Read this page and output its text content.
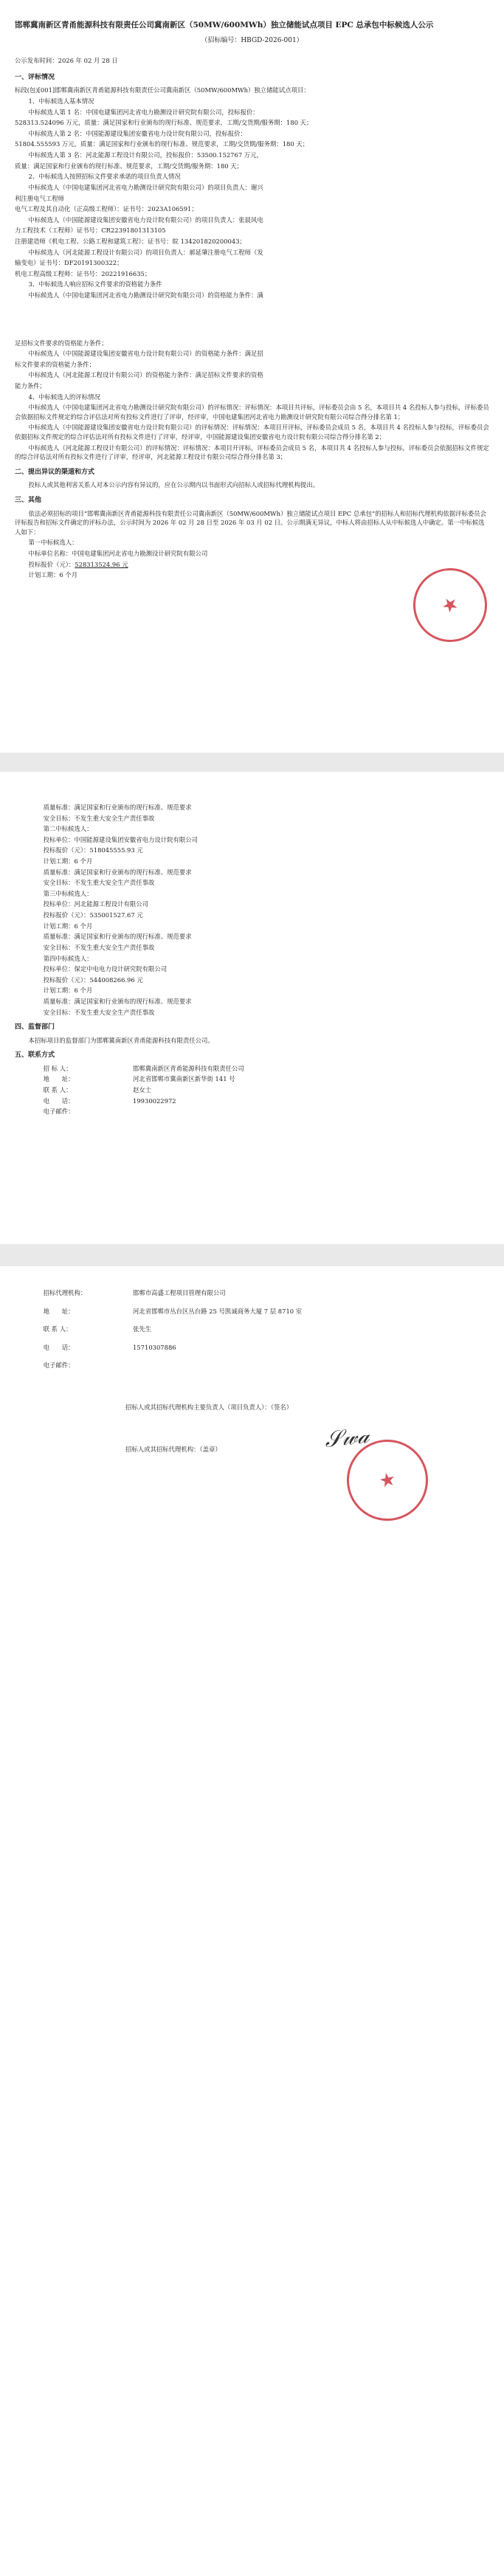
邯郸冀南新区青甬能源科技有限责任公司冀南新区（50MW/600MWh）独立储能试点项目 EPC 总承包中标候选人公示
（招标编号：HBGD-2026-001）
公示发布时间：2026 年 02 月 28 日
一、评标情况
标段(包)[001]邯郸冀南新区青甬能源科技有限责任公司冀南新区（50MW/600MWh）独立储能试点项目：
1、中标候选人基本情况
中标候选人第 1 名：中国电建集团河北省电力勘测设计研究院有限公司，投标报价：
528313.524096 万元，质量：满足国家和行业颁布的现行标准、规范要求，工期/交货期/服务期：180 天；
中标候选人第 2 名：中国能源建设集团安徽省电力设计院有限公司，投标报价：
51804.555593 万元，质量：满足国家和行业颁布的现行标准、规范要求，工期/交货期/服务期：180 天；
中标候选人第 3 名：河北能源工程设计有限公司，投标报价：53500.152767 万元，
质量：满足国家和行业颁布的现行标准、规范要求，工期/交货期/服务期：180 天；
2、中标候选人按照招标文件要求承诺的项目负责人情况
中标候选人（中国电建集团河北省电力勘测设计研究院有限公司）的项目负责人：谢兴
利注册电气工程师
电气工程及其自动化（正高级工程师）：证书号：2023A106591；
中标候选人（中国能源建设集团安徽省电力设计院有限公司）的项目负责人：张晨风电
力工程技术（工程师）证书号：CR22391801313105
注册建造师《机电工程、公路工程和建筑工程》：证书号：皖 134201820200043；
中标候选人（河北能源工程设计有限公司）的项目负责人：郝延肇注册电气工程师（发
输变电）证书号：DF20191300322；
机电工程高级工程师：证书号：20221916635；
3、中标候选人响应招标文件要求的资格能力条件
中标候选人（中国电建集团河北省电力勘测设计研究院有限公司）的资格能力条件：满
足招标文件要求的资格能力条件；
中标候选人（中国能源建设集团安徽省电力设计院有限公司）的资格能力条件：满足招
标文件要求的资格能力条件；
中标候选人（河北能源工程设计有限公司）的资格能力条件：满足招标文件要求的资格
能力条件；
4、中标候选人的评标情况
中标候选人（中国电建集团河北省电力勘测设计研究院有限公司）的评标情况：评标情况：本项目共评标，评标委员会由 5 名，本项目共 4 名投标人参与投标，评标委员会依据招标文件规定的综合评估法对所有投标文件进行了评审，经评审，中国电建集团河北省电力勘测设计研究院有限公司综合得分排名第 1；
中标候选人（中国能源建设集团安徽省电力设计院有限公司）的评标情况：评标情况：本项目开评标，评标委员会成员 5 名，本项目共 4 名投标人参与投标，评标委员会依据招标文件规定的综合评估法对所有投标文件进行了评审，经评审，中国能源建设集团安徽省电力设计院有限公司综合得分排名第 2；
中标候选人（河北能源工程设计有限公司）的评标情况：评标情况：本项目开评标，评标委员会成员 5 名，本项目共 4 名投标人参与投标，评标委员会依据招标文件规定的综合评估法对所有投标文件进行了评审，经评审，河北能源工程设计有限公司综合得分排名第 3；
二、提出异议的渠道和方式
投标人或其他利害关系人对本公示内容有异议的，应在公示期内以书面形式向招标人或招标代理机构提出。
三、其他
依法必须招标的项目“邯郸冀南新区青甬能源科技有限责任公司冀南新区（50MW/600MWh）独立储能试点项目 EPC 总承包”的招标人和招标代理机构依据评标委员会评标报告和招标文件确定的评标办法，公示时间为 2026 年 02 月 28 日至 2026 年 03 月 02 日。公示期满无异议，中标人将由招标人从中标候选人中确定。第一中标候选人如下：
第一中标候选人：
中标单位名称：中国电建集团河北省电力勘测设计研究院有限公司
投标报价（元）：528313524.96 元
计划工期：6 个月
★
质量标准：满足国家和行业颁布的现行标准、规范要求
安全目标：不发生重大安全生产责任事故
第二中标候选人：
投标单位：中国能源建设集团安徽省电力设计院有限公司
投标报价（元）：518045555.93 元
计划工期：6 个月
质量标准：满足国家和行业颁布的现行标准、规范要求
安全目标：不发生重大安全生产责任事故
第三中标候选人：
投标单位：河北能源工程设计有限公司
投标报价（元）：535001527.67 元
计划工期：6 个月
质量标准：满足国家和行业颁布的现行标准、规范要求
安全目标：不发生重大安全生产责任事故
第四中标候选人：
投标单位：保定中电电力设计研究院有限公司
投标报价（元）：544008266.96 元
计划工期：6 个月
质量标准：满足国家和行业颁布的现行标准、规范要求
安全目标：不发生重大安全生产责任事故
四、监督部门
本招标项目的监督部门为邯郸冀南新区青甬能源科技有限责任公司。
五、联系方式
招 标 人：	邯郸冀南新区青甬能源科技有限责任公司
地　　址：	河北省邯郸市冀南新区新华街 141 号
联 系 人：	赵女士
电　　话：	19930022972
电子邮件：
招标代理机构：	邯郸市高盛工程项目管理有限公司
地　　址：	河北省邯郸市丛台区丛台路 25 号凯诚商务大厦 7 层 8710 室
联 系 人：	张先生
电　　话：	15710307886
电子邮件：
招标人或其招标代理机构主要负责人（项目负责人）：（签名）
招标人或其招标代理机构：（盖章）	𝒮𝓌𝒶
★
